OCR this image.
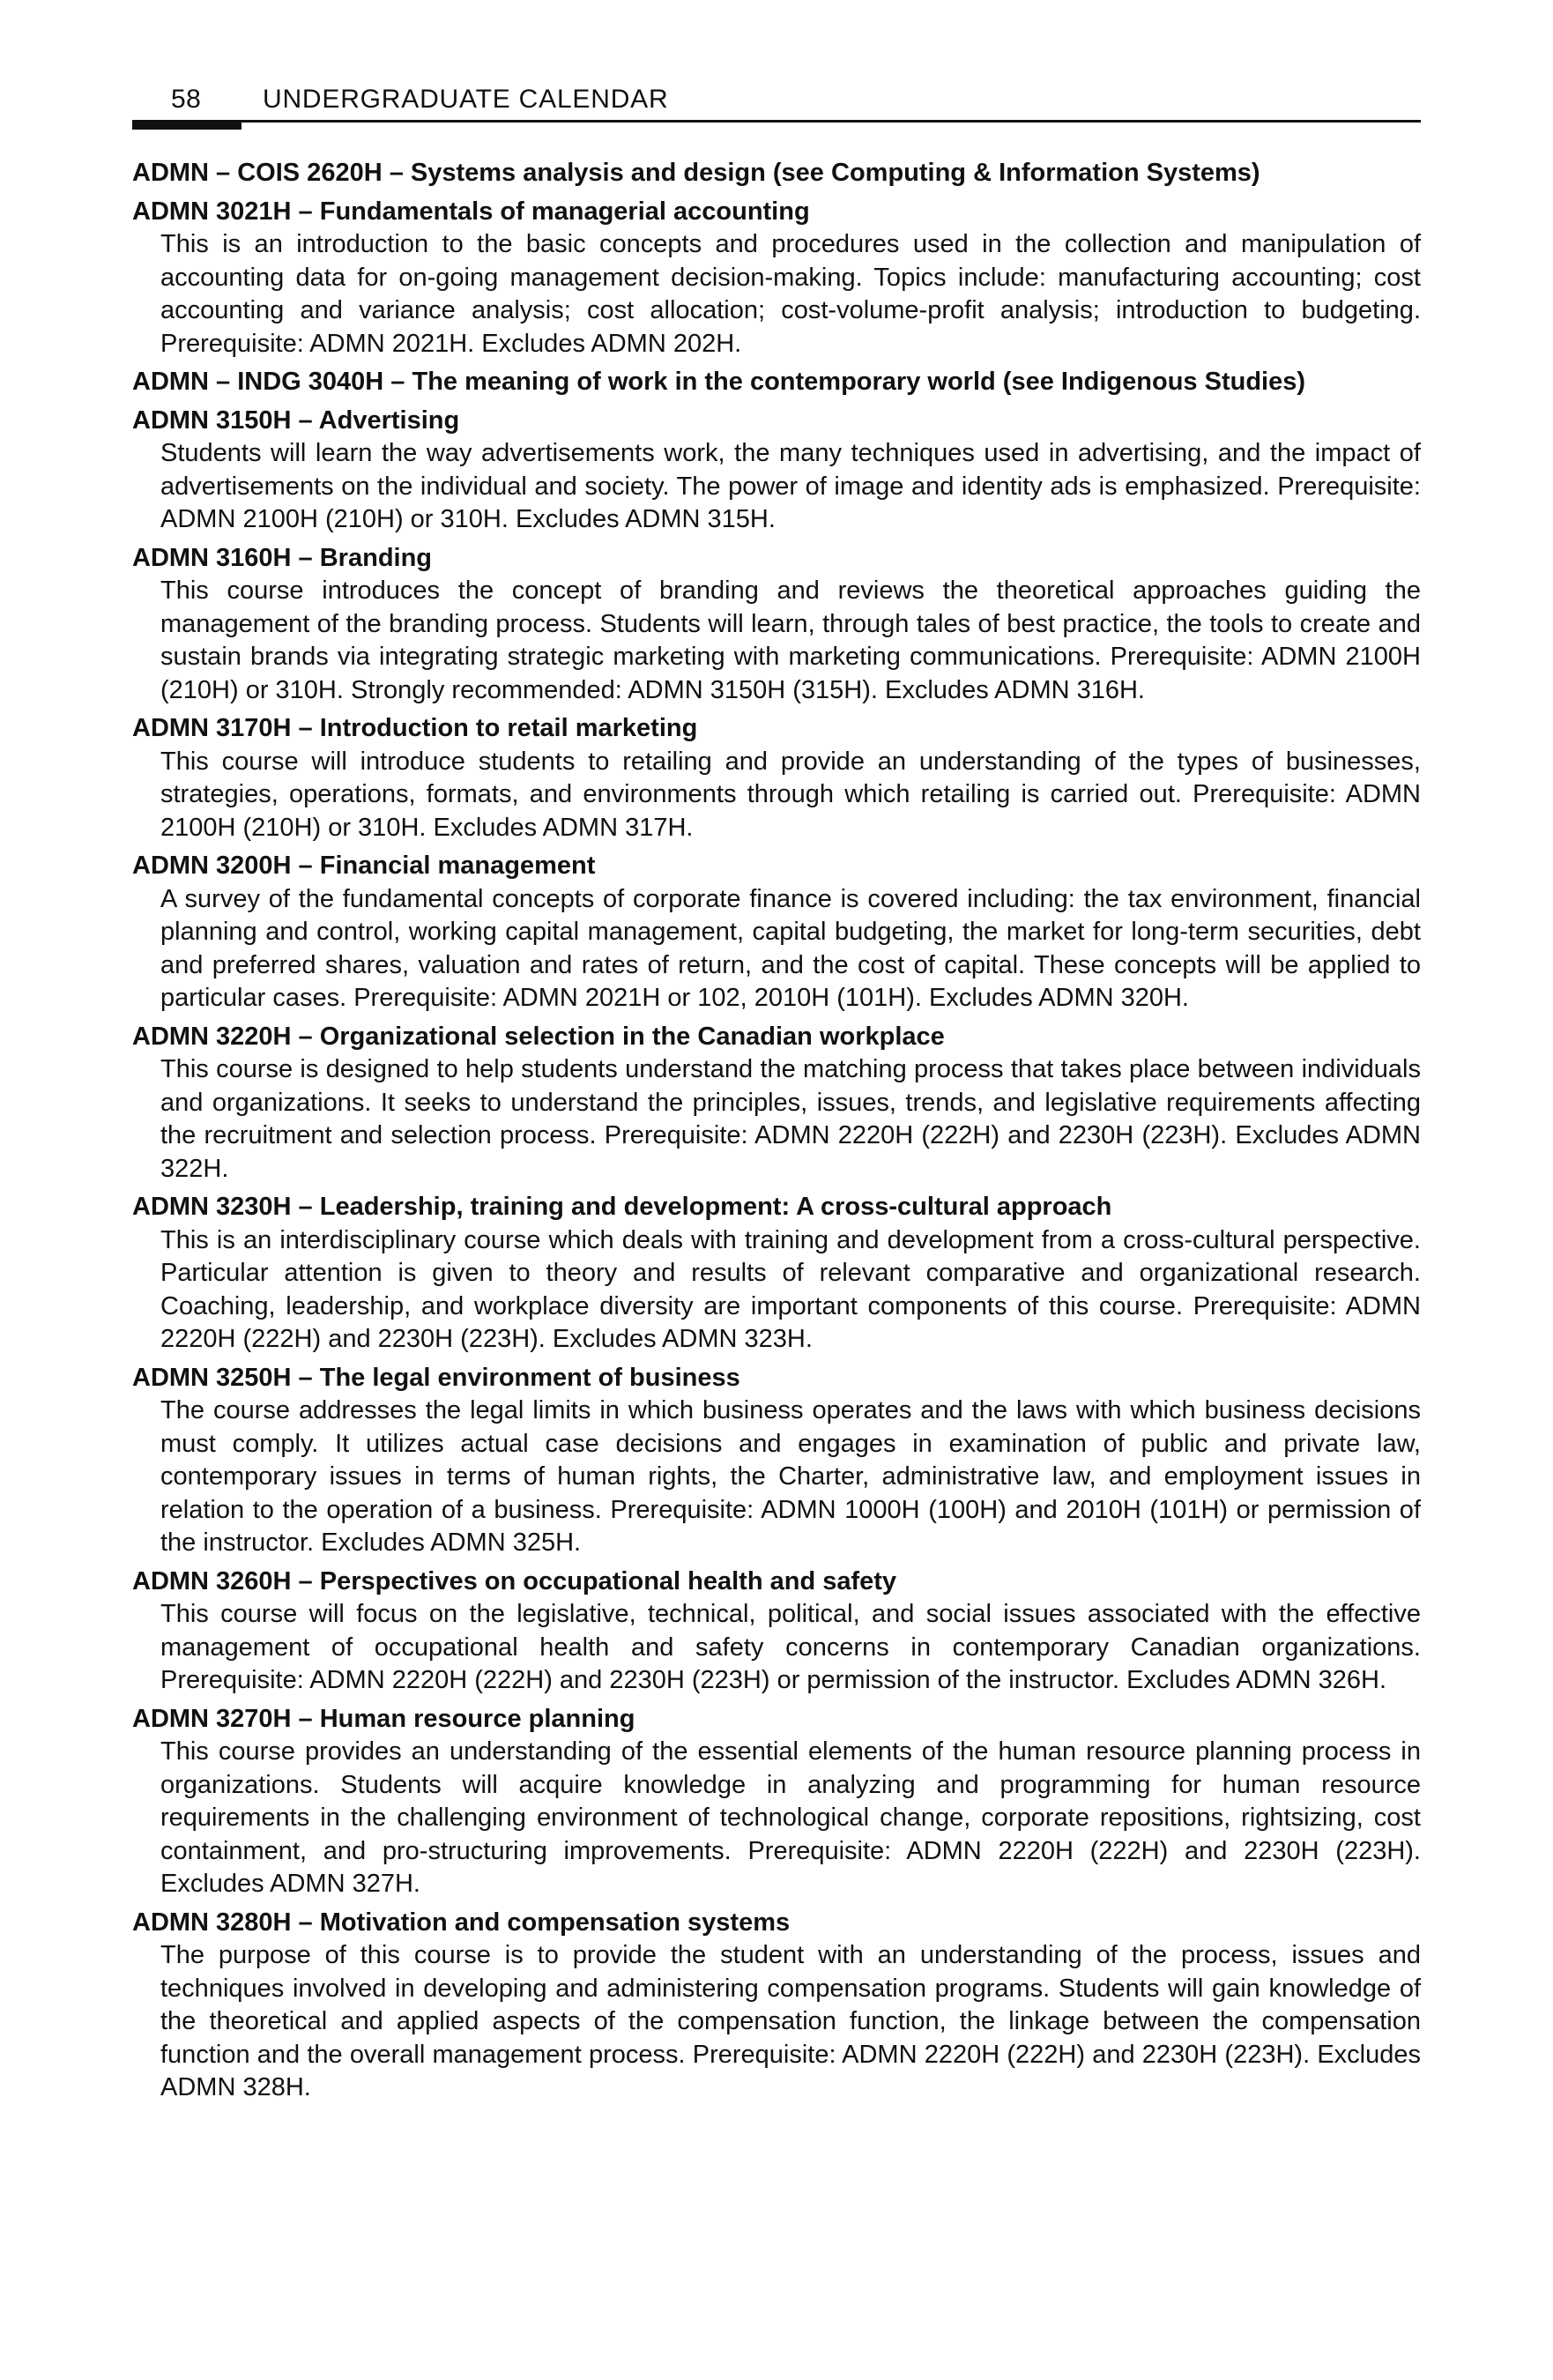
58 UNDERGRADUATE CALENDAR

ADMN – COIS 2620H – Systems analysis and design (see Computing & Information Systems)

ADMN 3021H – Fundamentals of managerial accounting

This is an introduction to the basic concepts and procedures used in the collection and manipulation of accounting data for on-going management decision-making. Topics include: manufacturing accounting; cost accounting and variance analysis; cost allocation; cost-volume-profit analysis; introduction to budgeting. Prerequisite: ADMN 2021H. Excludes ADMN 202H.

ADMN – INDG 3040H – The meaning of work in the contemporary world (see Indigenous Studies)

ADMN 3150H – Advertising

Students will learn the way advertisements work, the many techniques used in advertising, and the impact of advertisements on the individual and society. The power of image and identity ads is emphasized. Prerequisite: ADMN 2100H (210H) or 310H. Excludes ADMN 315H.

ADMN 3160H – Branding

This course introduces the concept of branding and reviews the theoretical approaches guiding the management of the branding process. Students will learn, through tales of best practice, the tools to create and sustain brands via integrating strategic marketing with marketing communications. Prerequisite: ADMN 2100H (210H) or 310H. Strongly recommended: ADMN 3150H (315H). Excludes ADMN 316H.

ADMN 3170H – Introduction to retail marketing

This course will introduce students to retailing and provide an understanding of the types of businesses, strategies, operations, formats, and environments through which retailing is carried out. Prerequisite: ADMN 2100H (210H) or 310H. Excludes ADMN 317H.

ADMN 3200H – Financial management

A survey of the fundamental concepts of corporate finance is covered including: the tax environment, financial planning and control, working capital management, capital budgeting, the market for long-term securities, debt and preferred shares, valuation and rates of return, and the cost of capital. These concepts will be applied to particular cases. Prerequisite: ADMN 2021H or 102, 2010H (101H). Excludes ADMN 320H.

ADMN 3220H – Organizational selection in the Canadian workplace

This course is designed to help students understand the matching process that takes place between individuals and organizations. It seeks to understand the principles, issues, trends, and legislative requirements affecting the recruitment and selection process. Prerequisite: ADMN 2220H (222H) and 2230H (223H). Excludes ADMN 322H.

ADMN 3230H – Leadership, training and development: A cross-cultural approach

This is an interdisciplinary course which deals with training and development from a cross-cultural perspective. Particular attention is given to theory and results of relevant comparative and organizational research. Coaching, leadership, and workplace diversity are important components of this course. Prerequisite: ADMN 2220H (222H) and 2230H (223H). Excludes ADMN 323H.

ADMN 3250H – The legal environment of business

The course addresses the legal limits in which business operates and the laws with which business decisions must comply. It utilizes actual case decisions and engages in examination of public and private law, contemporary issues in terms of human rights, the Charter, administrative law, and employment issues in relation to the operation of a business. Prerequisite: ADMN 1000H (100H) and 2010H (101H) or permission of the instructor. Excludes ADMN 325H.

ADMN 3260H – Perspectives on occupational health and safety

This course will focus on the legislative, technical, political, and social issues associated with the effective management of occupational health and safety concerns in contemporary Canadian organizations. Prerequisite: ADMN 2220H (222H) and 2230H (223H) or permission of the instructor. Excludes ADMN 326H.

ADMN 3270H – Human resource planning

This course provides an understanding of the essential elements of the human resource planning process in organizations. Students will acquire knowledge in analyzing and programming for human resource requirements in the challenging environment of technological change, corporate repositions, rightsizing, cost containment, and pro-structuring improvements. Prerequisite: ADMN 2220H (222H) and 2230H (223H). Excludes ADMN 327H.

ADMN 3280H – Motivation and compensation systems

The purpose of this course is to provide the student with an understanding of the process, issues and techniques involved in developing and administering compensation programs. Students will gain knowledge of the theoretical and applied aspects of the compensation function, the linkage between the compensation function and the overall management process. Prerequisite: ADMN 2220H (222H) and 2230H (223H). Excludes ADMN 328H.
